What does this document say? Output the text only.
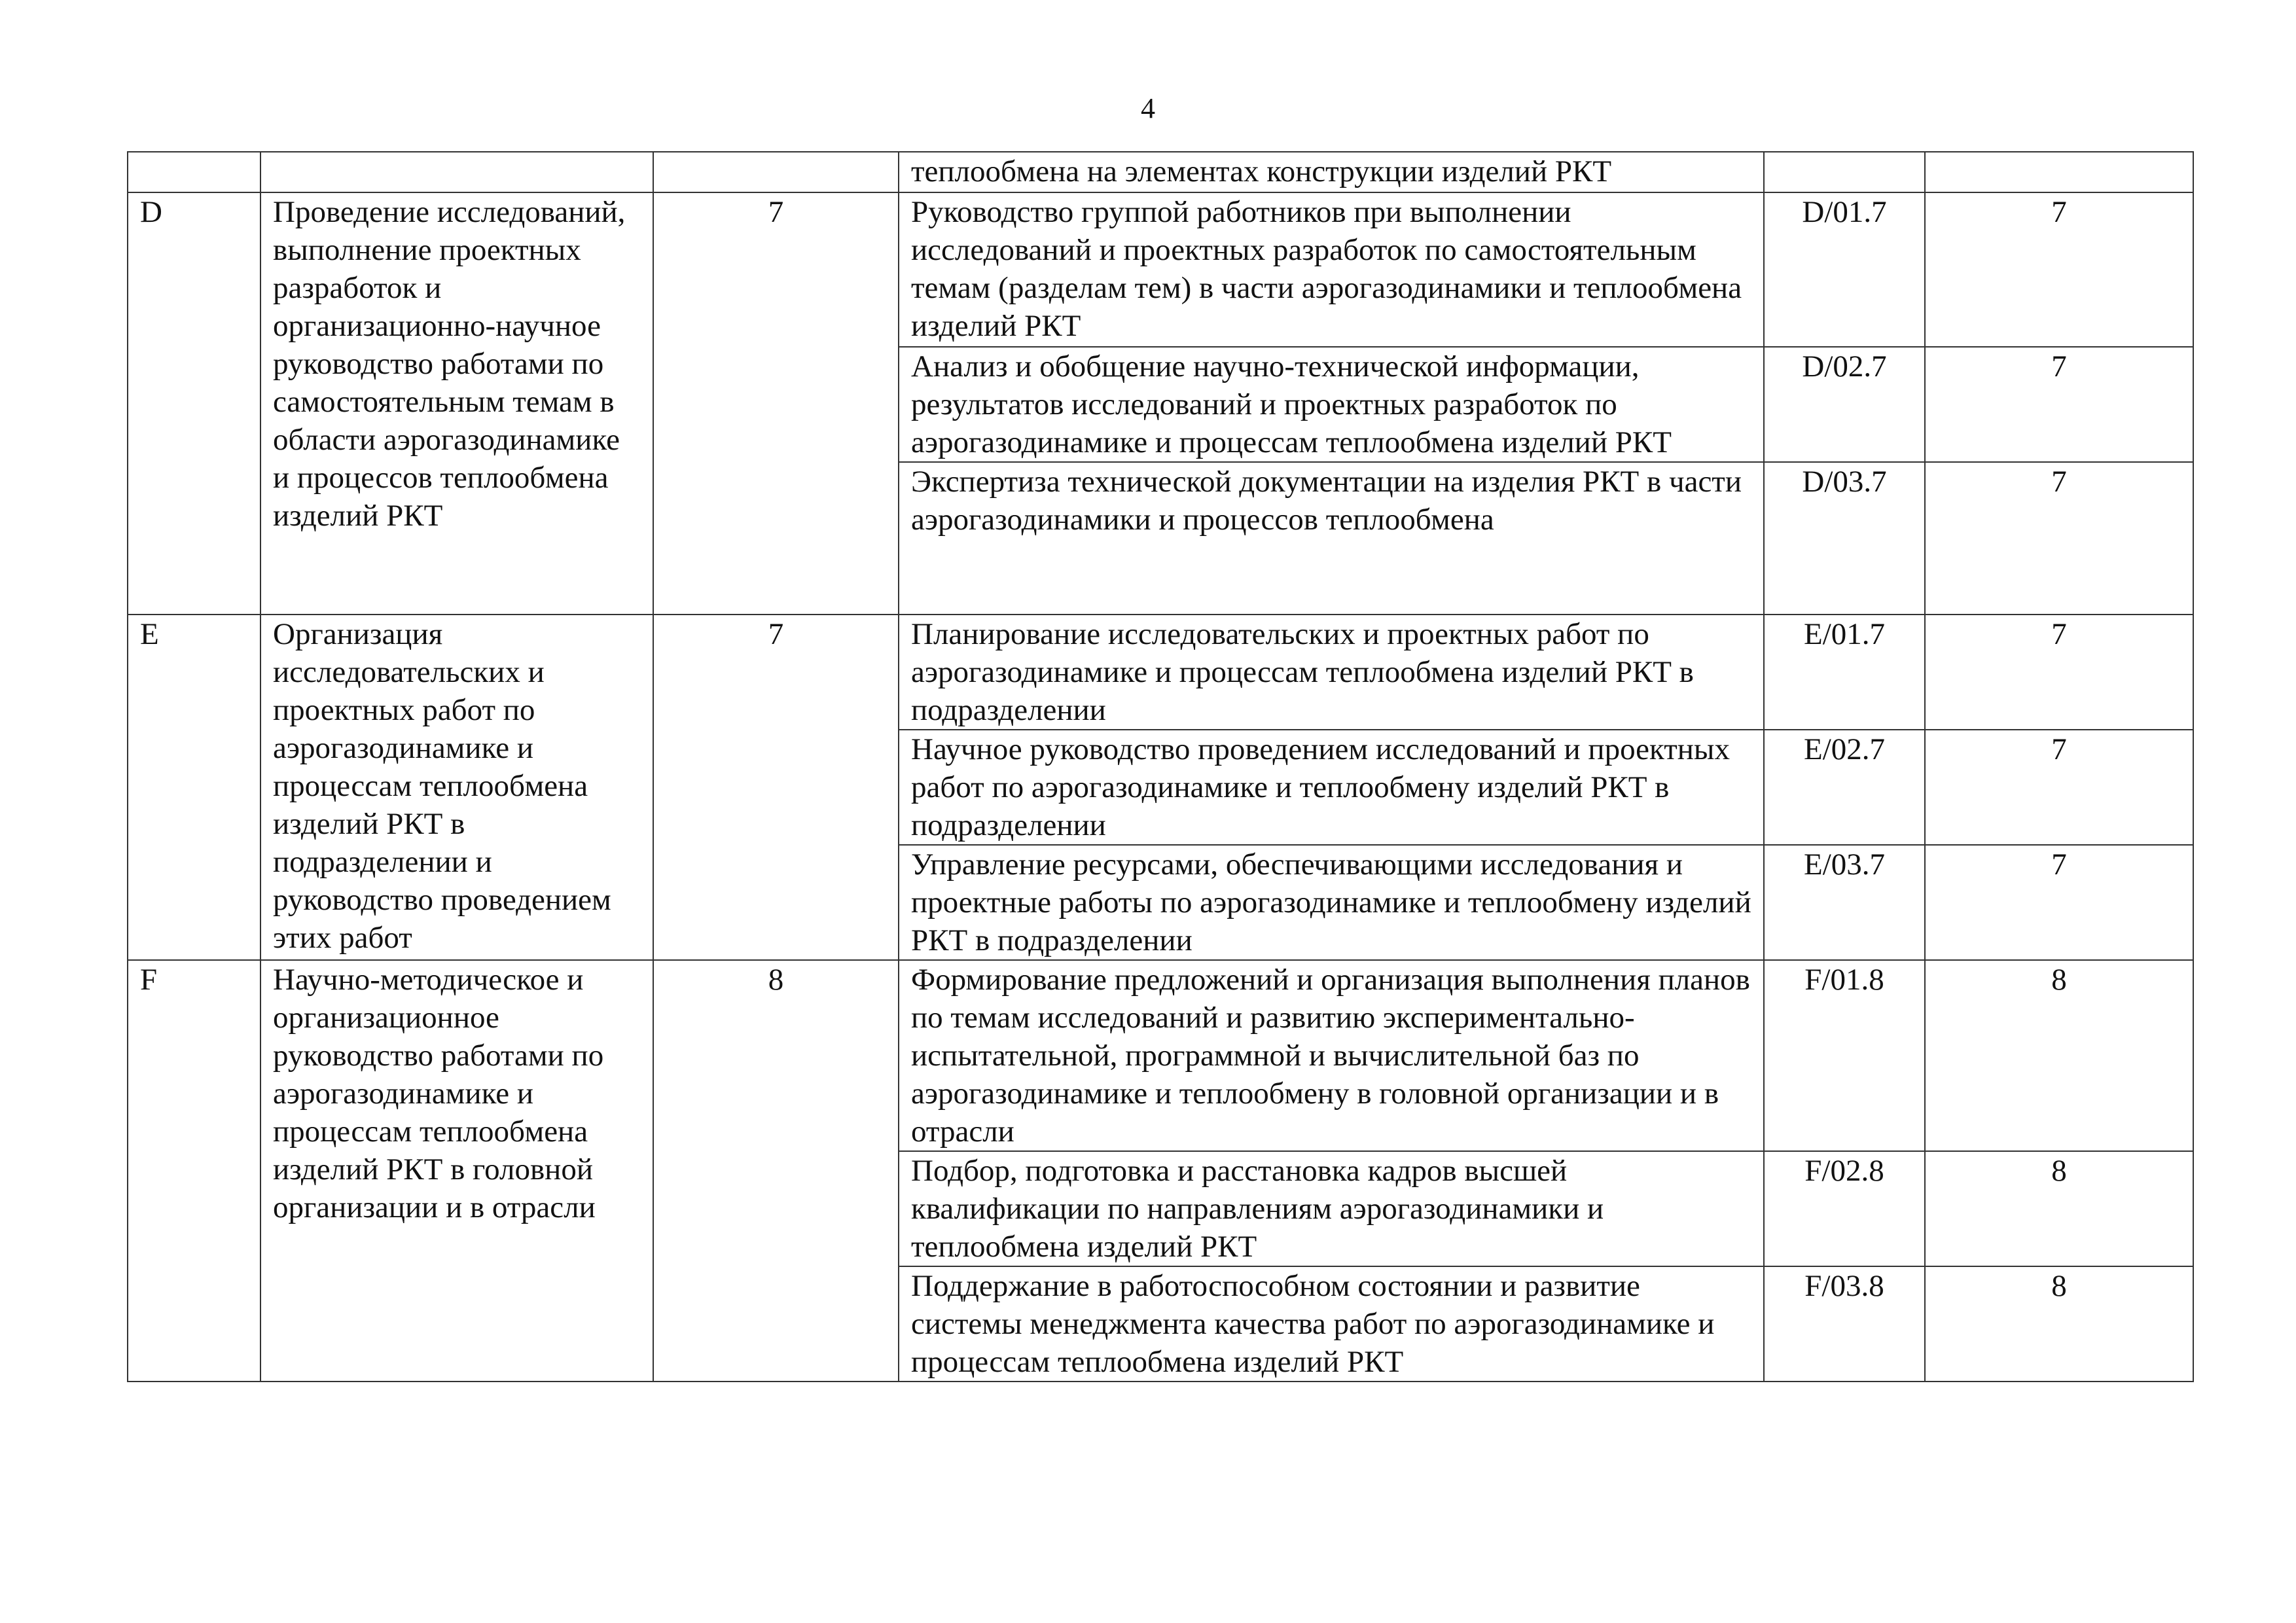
4
			теплообмена на элементах конструкции изделий РКТ		
D	Проведение исследований, выполнение проектных разработок и организационно-научное руководство работами по самостоятельным темам в области аэрогазодинамике и процессов теплообмена изделий РКТ	7	Руководство группой работников при выполнении исследований и проектных разработок по самостоятельным темам (разделам тем) в части аэрогазодинамики и теплообмена изделий РКТ	D/01.7	7
			Анализ и обобщение научно-технической информации, результатов исследований и проектных разработок по аэрогазодинамике и процессам теплообмена изделий РКТ	D/02.7	7
			Экспертиза технической документации на изделия РКТ в части аэрогазодинамики и процессов теплообмена	D/03.7	7
E	Организация исследовательских и проектных работ по аэрогазодинамике и процессам теплообмена изделий РКТ в подразделении и руководство проведением этих работ	7	Планирование исследовательских и проектных работ по аэрогазодинамике и процессам теплообмена изделий РКТ в подразделении	E/01.7	7
			Научное руководство проведением исследований и проектных работ по аэрогазодинамике и теплообмену изделий РКТ в подразделении	E/02.7	7
			Управление ресурсами, обеспечивающими исследования и проектные работы по аэрогазодинамике и теплообмену изделий РКТ в подразделении	E/03.7	7
F	Научно-методическое и организационное руководство работами по аэрогазодинамике и процессам теплообмена изделий РКТ в головной организации и в отрасли	8	Формирование предложений и организация выполнения планов по темам исследований и развитию экспериментально-испытательной, программной и вычислительной баз по аэрогазодинамике и теплообмену в головной организации и в отрасли	F/01.8	8
			Подбор, подготовка и расстановка кадров высшей квалификации по направлениям аэрогазодинамики и теплообмена изделий РКТ	F/02.8	8
			Поддержание в работоспособном состоянии и развитие системы менеджмента качества работ по аэрогазодинамике и процессам теплообмена изделий РКТ	F/03.8	8
